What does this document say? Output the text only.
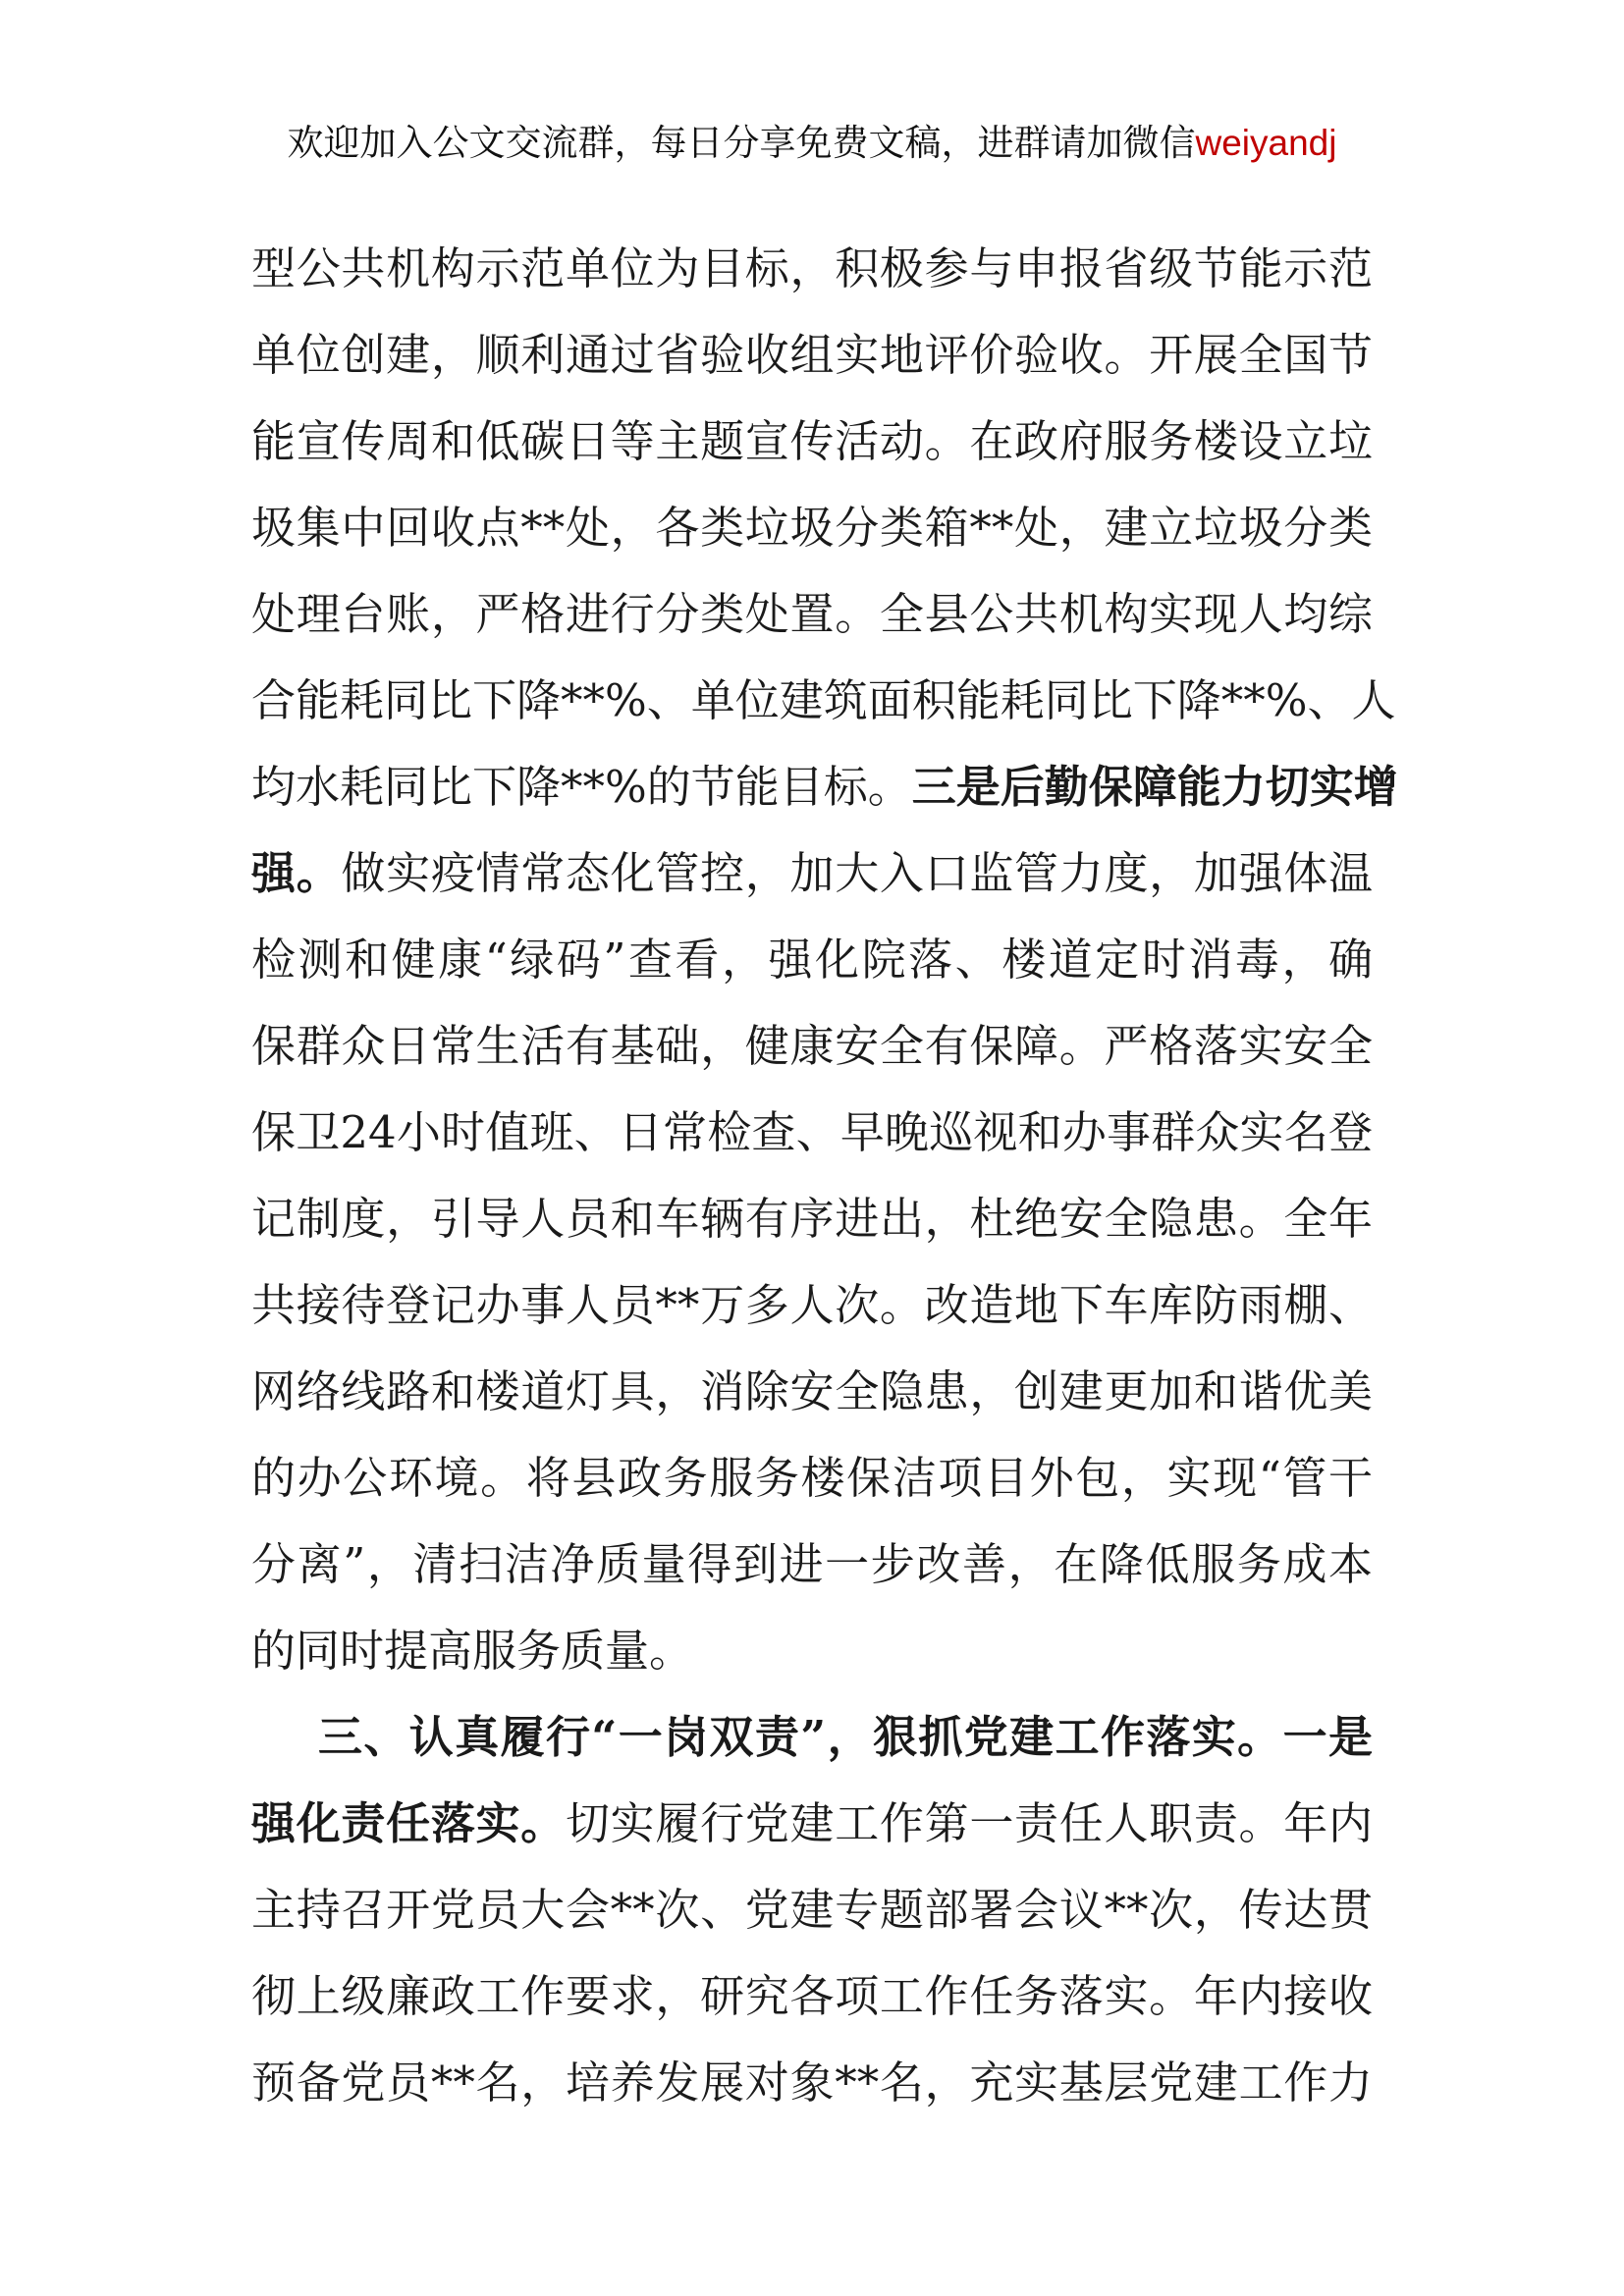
欢迎加入公文交流群，每日分享免费文稿，进群请加微信weiyandj
型公共机构示范单位为目标，积极参与申报省级节能示范
单位创建，顺利通过省验收组实地评价验收。开展全国节
能宣传周和低碳日等主题宣传活动。在政府服务楼设立垃
圾集中回收点**处，各类垃圾分类箱**处，建立垃圾分类
处理台账，严格进行分类处置。全县公共机构实现人均综
合能耗同比下降**%、单位建筑面积能耗同比下降**%、人
均水耗同比下降**%的节能目标。三是后勤保障能力切实增
强。做实疫情常态化管控，加大入口监管力度，加强体温
检测和健康“绿码”查看，强化院落、楼道定时消毒，确
保群众日常生活有基础，健康安全有保障。严格落实安全
保卫24小时值班、日常检查、早晚巡视和办事群众实名登
记制度，引导人员和车辆有序进出，杜绝安全隐患。全年
共接待登记办事人员**万多人次。改造地下车库防雨棚、
网络线路和楼道灯具，消除安全隐患，创建更加和谐优美
的办公环境。将县政务服务楼保洁项目外包，实现“管干
分离”，清扫洁净质量得到进一步改善，在降低服务成本
的同时提高服务质量。
三、认真履行“一岗双责”，狠抓党建工作落实。一是
强化责任落实。切实履行党建工作第一责任人职责。年内
主持召开党员大会**次、党建专题部署会议**次，传达贯
彻上级廉政工作要求，研究各项工作任务落实。年内接收
预备党员**名，培养发展对象**名，充实基层党建工作力
